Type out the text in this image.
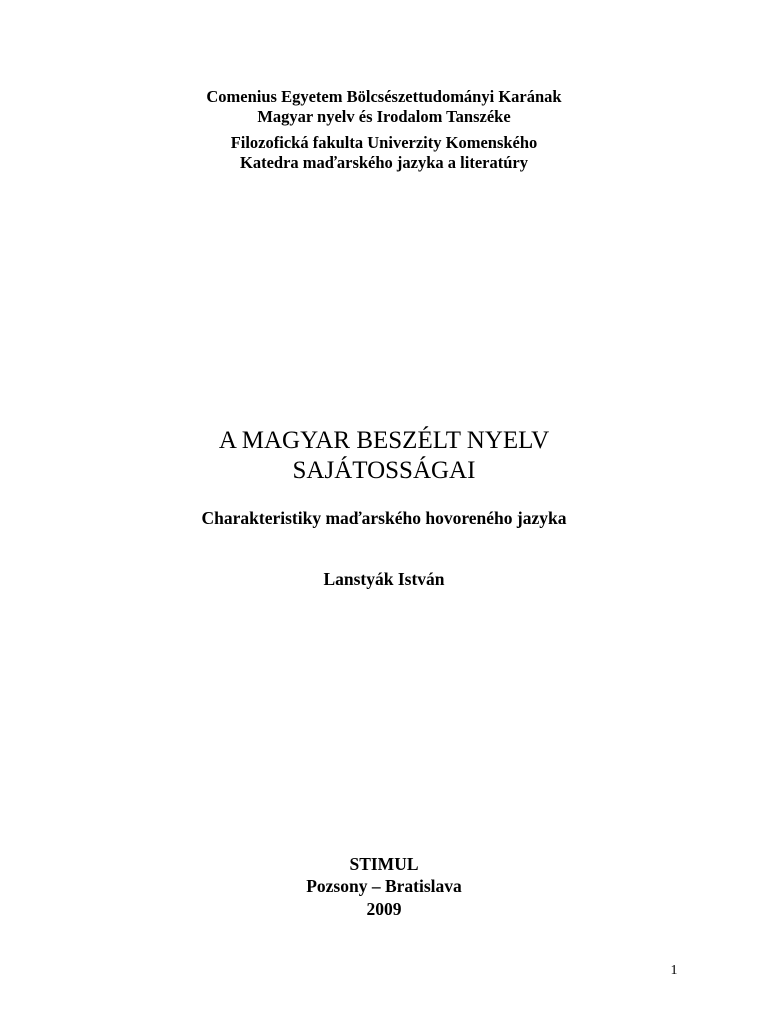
Comenius Egyetem Bölcsészettudományi Karának
Magyar nyelv és Irodalom Tanszéke
Filozofická fakulta Univerzity Komenského
Katedra maďarského jazyka a literatúry
A MAGYAR BESZÉLT NYELV
SAJÁTOSSÁGAI
Charakteristiky maďarského hovoreného jazyka
Lanstyák István
STIMUL
Pozsony – Bratislava
2009
1
